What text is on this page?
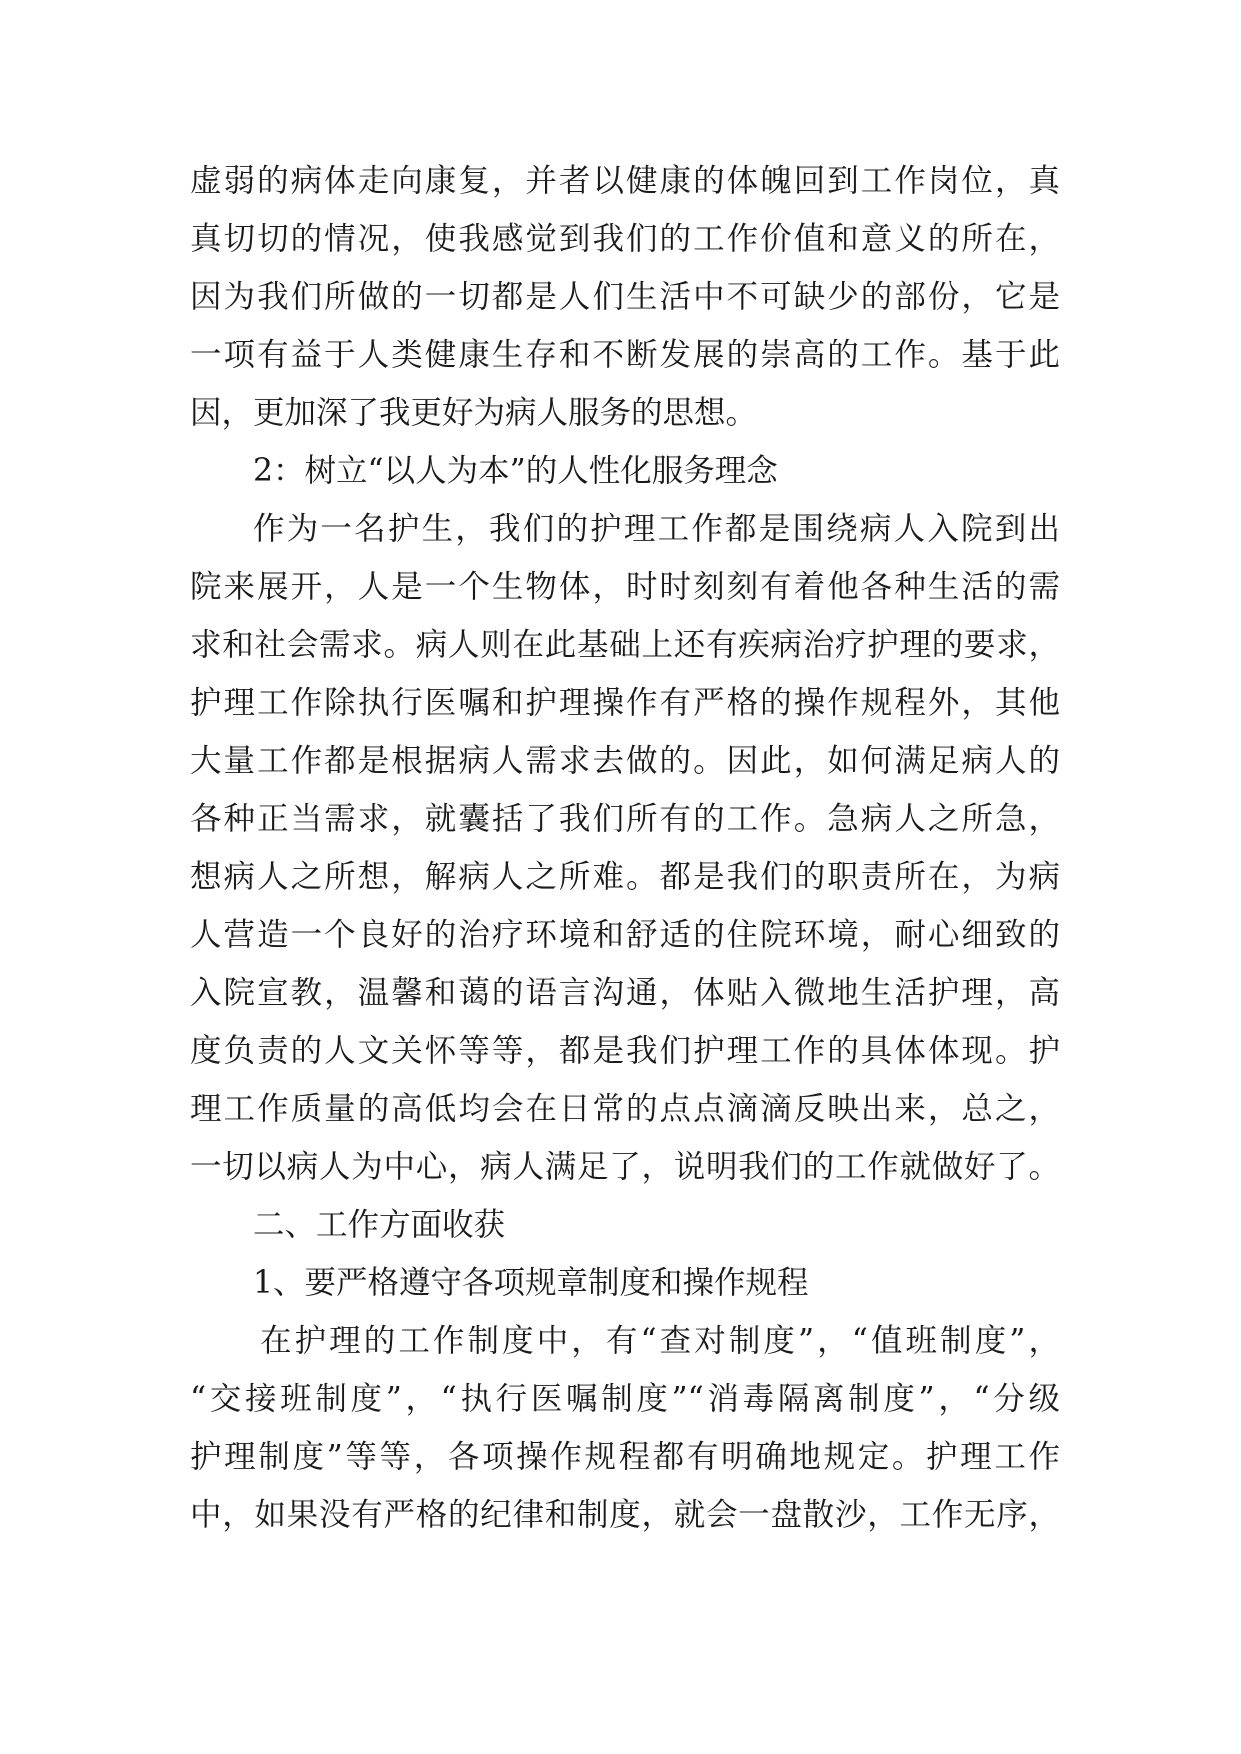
虚弱的病体走向康复，并者以健康的体魄回到工作岗位，真
真切切的情况，使我感觉到我们的工作价值和意义的所在，
因为我们所做的一切都是人们生活中不可缺少的部份，它是
一项有益于人类健康生存和不断发展的崇高的工作。基于此
因，更加深了我更好为病人服务的思想。
2：树立“以人为本”的人性化服务理念
作为一名护生，我们的护理工作都是围绕病人入院到出
院来展开，人是一个生物体，时时刻刻有着他各种生活的需
求和社会需求。病人则在此基础上还有疾病治疗护理的要求，
护理工作除执行医嘱和护理操作有严格的操作规程外，其他
大量工作都是根据病人需求去做的。因此，如何满足病人的
各种正当需求，就囊括了我们所有的工作。急病人之所急，
想病人之所想，解病人之所难。都是我们的职责所在，为病
人营造一个良好的治疗环境和舒适的住院环境，耐心细致的
入院宣教，温馨和蔼的语言沟通，体贴入微地生活护理，高
度负责的人文关怀等等，都是我们护理工作的具体体现。护
理工作质量的高低均会在日常的点点滴滴反映出来，总之，
一切以病人为中心，病人满足了，说明我们的工作就做好了。
二、工作方面收获
1、要严格遵守各项规章制度和操作规程
在护理的工作制度中，有“查对制度”，“值班制度”，
“交接班制度”，“执行医嘱制度”“消毒隔离制度”，“分级
护理制度”等等，各项操作规程都有明确地规定。护理工作
中，如果没有严格的纪律和制度，就会一盘散沙，工作无序，
